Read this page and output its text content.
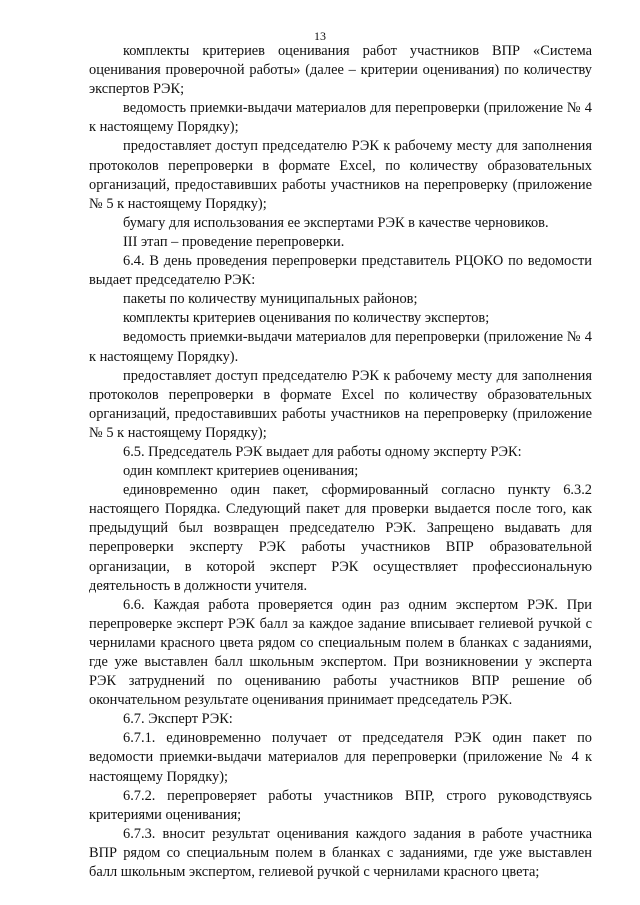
13

комплекты критериев оценивания работ участников ВПР «Система оценивания проверочной работы» (далее – критерии оценивания) по количеству экспертов РЭК;

ведомость приемки-выдачи материалов для перепроверки (приложение № 4 к настоящему Порядку);

предоставляет доступ председателю РЭК к рабочему месту для заполнения протоколов перепроверки в формате Excel, по количеству образовательных организаций, предоставивших работы участников на перепроверку (приложение № 5 к настоящему Порядку);

бумагу для использования ее экспертами РЭК в качестве черновиков.

III этап – проведение перепроверки.

6.4. В день проведения перепроверки представитель РЦОКО по ведомости выдает председателю РЭК:

пакеты по количеству муниципальных районов;

комплекты критериев оценивания по количеству экспертов;

ведомость приемки-выдачи материалов для перепроверки (приложение № 4 к настоящему Порядку).

предоставляет доступ председателю РЭК к рабочему месту для заполнения протоколов перепроверки в формате Excel по количеству образовательных организаций, предоставивших работы участников на перепроверку (приложение № 5 к настоящему Порядку);

6.5. Председатель РЭК выдает для работы одному эксперту РЭК:

один комплект критериев оценивания;

единовременно один пакет, сформированный согласно пункту 6.3.2 настоящего Порядка. Следующий пакет для проверки выдается после того, как предыдущий был возвращен председателю РЭК. Запрещено выдавать для перепроверки эксперту РЭК работы участников ВПР образовательной организации, в которой эксперт РЭК осуществляет профессиональную деятельность в должности учителя.

6.6. Каждая работа проверяется один раз одним экспертом РЭК. При перепроверке эксперт РЭК балл за каждое задание вписывает гелиевой ручкой с чернилами красного цвета рядом со специальным полем в бланках с заданиями, где уже выставлен балл школьным экспертом. При возникновении у эксперта РЭК затруднений по оцениванию работы участников ВПР решение об окончательном результате оценивания принимает председатель РЭК.

6.7. Эксперт РЭК:

6.7.1. единовременно получает от председателя РЭК один пакет по ведомости приемки-выдачи материалов для перепроверки (приложение № 4 к настоящему Порядку);

6.7.2. перепроверяет работы участников ВПР, строго руководствуясь критериями оценивания;

6.7.3. вносит результат оценивания каждого задания в работе участника ВПР рядом со специальным полем в бланках с заданиями, где уже выставлен балл школьным экспертом, гелиевой ручкой с чернилами красного цвета;
